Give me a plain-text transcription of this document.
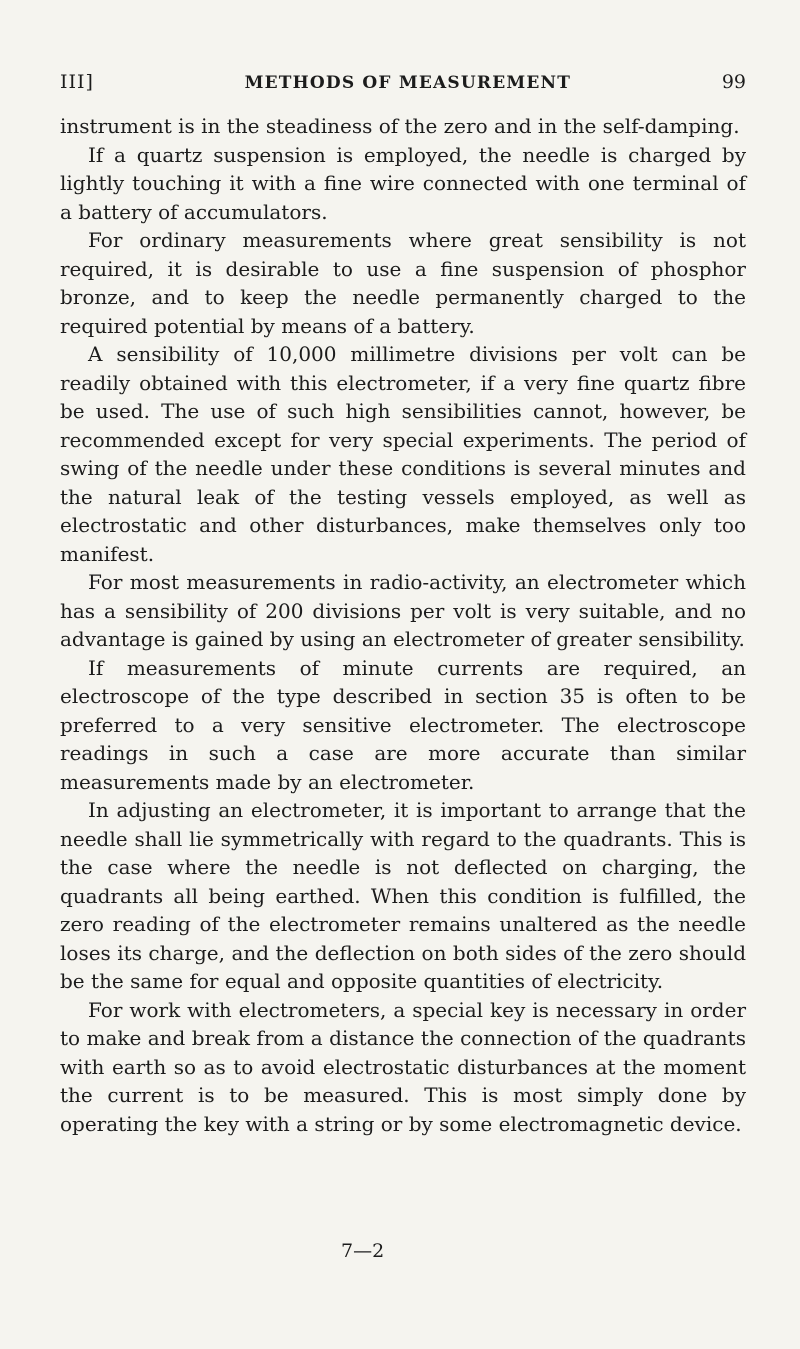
III]	METHODS OF MEASUREMENT	99

instrument is in the steadiness of the zero and in the self-damping.

If a quartz suspension is employed, the needle is charged by lightly touching it with a fine wire connected with one terminal of a battery of accumulators.

For ordinary measurements where great sensibility is not required, it is desirable to use a fine suspension of phosphor bronze, and to keep the needle permanently charged to the required potential by means of a battery.

A sensibility of 10,000 millimetre divisions per volt can be readily obtained with this electrometer, if a very fine quartz fibre be used. The use of such high sensibilities cannot, however, be recommended except for very special experiments. The period of swing of the needle under these conditions is several minutes and the natural leak of the testing vessels employed, as well as electrostatic and other disturbances, make themselves only too manifest.

For most measurements in radio-activity, an electrometer which has a sensibility of 200 divisions per volt is very suitable, and no advantage is gained by using an electrometer of greater sensibility.

If measurements of minute currents are required, an electroscope of the type described in section 35 is often to be preferred to a very sensitive electrometer. The electroscope readings in such a case are more accurate than similar measurements made by an electrometer.

In adjusting an electrometer, it is important to arrange that the needle shall lie symmetrically with regard to the quadrants. This is the case where the needle is not deflected on charging, the quadrants all being earthed. When this condition is fulfilled, the zero reading of the electrometer remains unaltered as the needle loses its charge, and the deflection on both sides of the zero should be the same for equal and opposite quantities of electricity.

For work with electrometers, a special key is necessary in order to make and break from a distance the connection of the quadrants with earth so as to avoid electrostatic disturbances at the moment the current is to be measured. This is most simply done by operating the key with a string or by some electromagnetic device.

7—2
